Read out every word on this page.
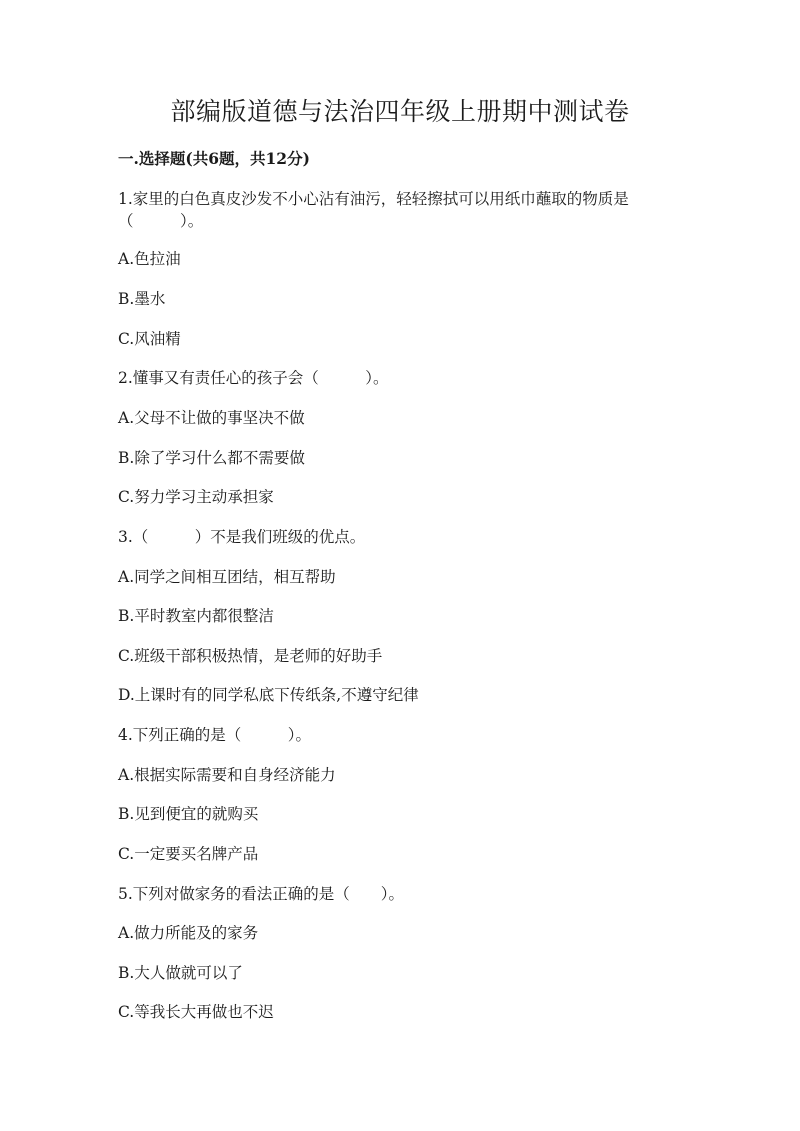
部编版道德与法治四年级上册期中测试卷
一.选择题(共6题，共12分)
1.家里的白色真皮沙发不小心沾有油污，轻轻擦拭可以用纸巾蘸取的物质是
（　　　）。
A.色拉油
B.墨水
C.风油精
2.懂事又有责任心的孩子会（　　　）。
A.父母不让做的事坚决不做
B.除了学习什么都不需要做
C.努力学习主动承担家
3.（　　　）不是我们班级的优点。
A.同学之间相互团结，相互帮助
B.平时教室内都很整洁
C.班级干部积极热情，是老师的好助手
D.上课时有的同学私底下传纸条,不遵守纪律
4.下列正确的是（　　　）。
A.根据实际需要和自身经济能力
B.见到便宜的就购买
C.一定要买名牌产品
5.下列对做家务的看法正确的是（　　）。
A.做力所能及的家务
B.大人做就可以了
C.等我长大再做也不迟
